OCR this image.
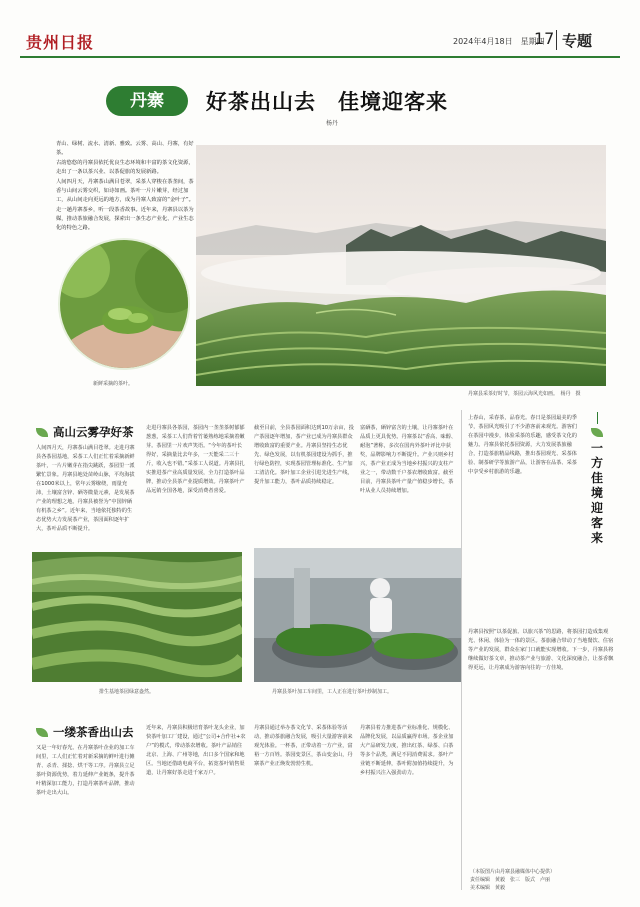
贵州日报	2024年4月18日　星期四
17 专题
丹寨	好茶出山去　佳境迎客来
杨丹

青山、绿树、流水、清新、雅致。云雾、高山、丹寨，有好茶。

古韵悠悠的丹寨县依托优良生态环境和丰富的茶文化资源，走出了一条以茶兴业、以茶促旅的发展新路。

人间四月天，丹寨茶山满目苍翠，采茶人穿梭在茶垄间，茶香与山间云雾交织，如诗如画。茶叶一片片嫩芽，经过加工，从山间走向更远的地方，成为丹寨人致富的“金叶子”。

走一趟丹寨茶乡，听一段茶香故事。近年来，丹寨县以茶为媒，推动茶旅融合发展，探索出一条生态产业化、产业生态化的特色之路。

丹寨县采茶好时节，茶园云海风光如画。　杨丹　摄
新鲜采摘的茶叶。
高山云雾孕好茶
人间四月天，丹寨茶山满目苍翠。走进丹寨县各茶园基地，采茶工人们正忙着采摘新鲜茶叶，一片片嫩芽在指尖跳跃，茶园里一派繁忙景象。丹寨县地处苗岭山脉，平均海拔在1000米以上，常年云雾缭绕，雨量充沛，土壤富含锌、硒等微量元素，是发展茶产业的理想之地。丹寨县被誉为“中国锌硒有机茶之乡”。近年来，当地依托独特的生态优势大力发展茶产业，茶园面积逐年扩大，茶叶品质不断提升。
走进丹寨县各茶园，茶园内一垄垄茶树郁郁葱葱，采茶工人们背着竹篓熟练地采摘着嫩芽。茶园里一片欢声笑语。“今年的茶叶长得好，采摘量比去年多，一天能采二三十斤，收入也不错。”采茶工人说道。丹寨县扎实推进茶产业高质量发展，全力打造茶叶品牌，推动全县茶产业提质增效。丹寨茶叶产品远销全国各地，深受消费者喜爱。
截至目前，全县茶园面积达到10万余亩，投产茶园逐年增加，茶产业已成为丹寨县群众增收致富的重要产业。丹寨县坚持生态优先、绿色发展，以有机茶园建设为抓手，推行绿色防控，实现茶园管理标准化、生产加工清洁化。茶叶加工企业引进先进生产线，提升加工能力，茶叶品质持续稳定。
富硒茶，硒锌富含的土壤，让丹寨茶叶在品质上更具优势。丹寨茶以“香高、味醇、耐泡”著称，多次在国内外茶叶评比中获奖，品牌影响力不断提升。产业兴则乡村兴，茶产业正成为当地乡村振兴的支柱产业之一，带动数千户茶农增收致富。截至目前，丹寨县茶叶产量产值稳步增长，茶叶从业人员持续增加。
排生基地茶园绿意盎然。	丹寨县茶叶加工车间里，工人正在进行茶叶炒制加工。
一缕茶香出山去
又是一年好春光。在丹寨茶叶企业的加工车间里，工人们正忙着对新采摘的鲜叶进行摊青、杀青、揉捻、烘干等工序。丹寨县立足茶叶资源优势，着力延伸产业链条，提升茶叶精深加工能力，打造丹寨茶叶品牌，推动茶叶走出大山。
近年来，丹寨县积极培育茶叶龙头企业，加快茶叶加工厂建设，通过“公司+合作社+农户”的模式，带动茶农增收。茶叶产品销往北京、上海、广州等地，出口多个国家和地区。当地还借助电商平台，拓宽茶叶销售渠道，让丹寨好茶走进千家万户。
丹寨县通过举办茶文化节、采茶体验等活动，推动茶旅融合发展，吸引大量游客前来观光体验。一杯茶，正带动着一方产业，富裕一方百姓。茶园变景区，茶山变金山，丹寨茶产业正焕发勃勃生机。
丹寨县着力推进茶产业标准化、规模化、品牌化发展，以品质赢得市场。茶企业加大产品研发力度，推出红茶、绿茶、白茶等多个品类，满足不同消费需求。茶叶产业链不断延伸，茶叶附加值持续提升，为乡村振兴注入强劲动力。
上春山，采春茶，品春光。春日是茶园最美的季节，茶园风光吸引了不少游客前来观光。游客们在茶园中漫步，体验采茶的乐趣，感受茶文化的魅力。丹寨县依托茶园资源，大力发展茶旅融合，打造茶旅精品线路，推出茶园观光、采茶体验、制茶研学等旅游产品，让游客在品茶、采茶中享受乡村旅游的乐趣。
丹寨县按照“以茶促旅、以旅兴茶”的思路，将茶园打造成集观光、休闲、体验为一体的景区。茶旅融合带动了当地餐饮、住宿等产业的发展，群众在家门口就能实现增收。下一步，丹寨县将继续做好茶文章，推动茶产业与旅游、文化深度融合，让茶香飘得更远，让丹寨成为游客向往的一方佳境。
一
方
佳
境
迎
客
来
（本版图片由丹寨县融媒体中心提供）
责任编辑　黄毅　张三　版式　卢丽
美术编辑　黄毅
